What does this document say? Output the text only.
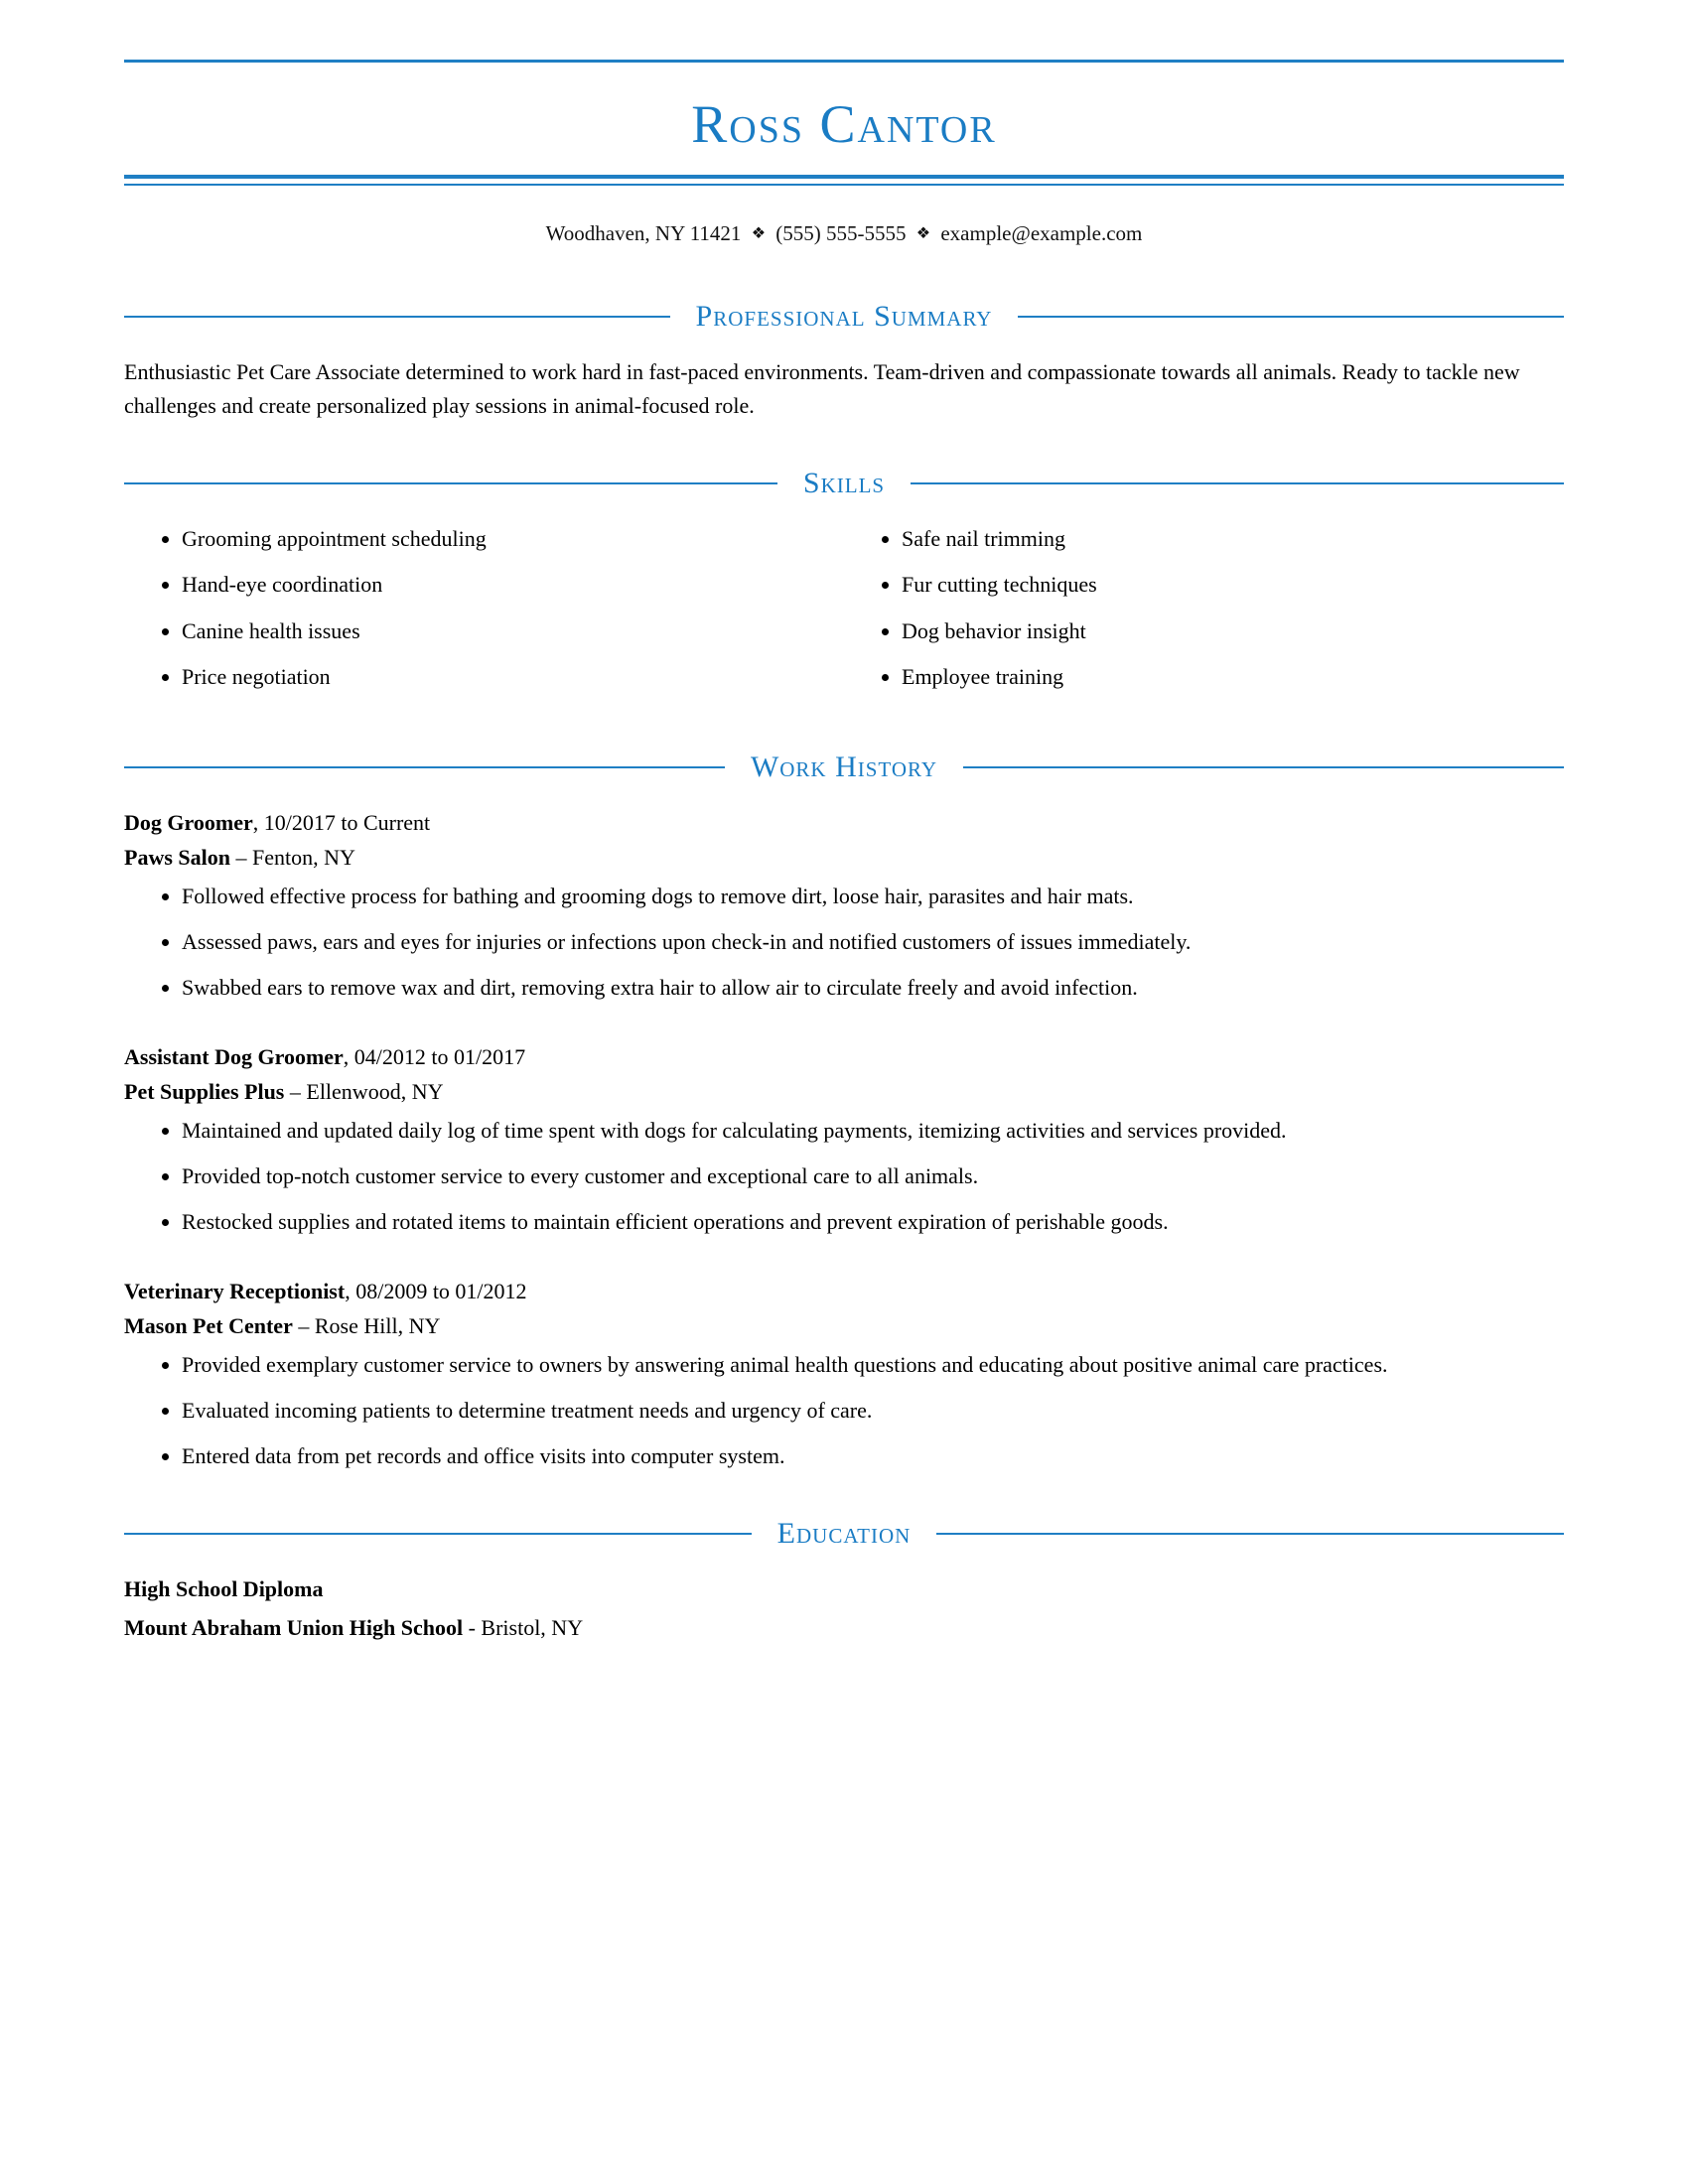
Ross Cantor
Woodhaven, NY 11421 ❖ (555) 555-5555 ❖ example@example.com
Professional Summary

Enthusiastic Pet Care Associate determined to work hard in fast-paced environments. Team-driven and compassionate towards all animals. Ready to tackle new challenges and create personalized play sessions in animal-focused role.

Skills
• Grooming appointment scheduling
• Hand-eye coordination
• Canine health issues
• Price negotiation
• Safe nail trimming
• Fur cutting techniques
• Dog behavior insight
• Employee training
Work History
Dog Groomer, 10/2017 to Current
Paws Salon – Fenton, NY
• Followed effective process for bathing and grooming dogs to remove dirt, loose hair, parasites and hair mats.
• Assessed paws, ears and eyes for injuries or infections upon check-in and notified customers of issues immediately.
• Swabbed ears to remove wax and dirt, removing extra hair to allow air to circulate freely and avoid infection.
Assistant Dog Groomer, 04/2012 to 01/2017
Pet Supplies Plus – Ellenwood, NY
• Maintained and updated daily log of time spent with dogs for calculating payments, itemizing activities and services provided.
• Provided top-notch customer service to every customer and exceptional care to all animals.
• Restocked supplies and rotated items to maintain efficient operations and prevent expiration of perishable goods.
Veterinary Receptionist, 08/2009 to 01/2012
Mason Pet Center – Rose Hill, NY
• Provided exemplary customer service to owners by answering animal health questions and educating about positive animal care practices.
• Evaluated incoming patients to determine treatment needs and urgency of care.
• Entered data from pet records and office visits into computer system.
Education
High School Diploma
Mount Abraham Union High School - Bristol, NY
